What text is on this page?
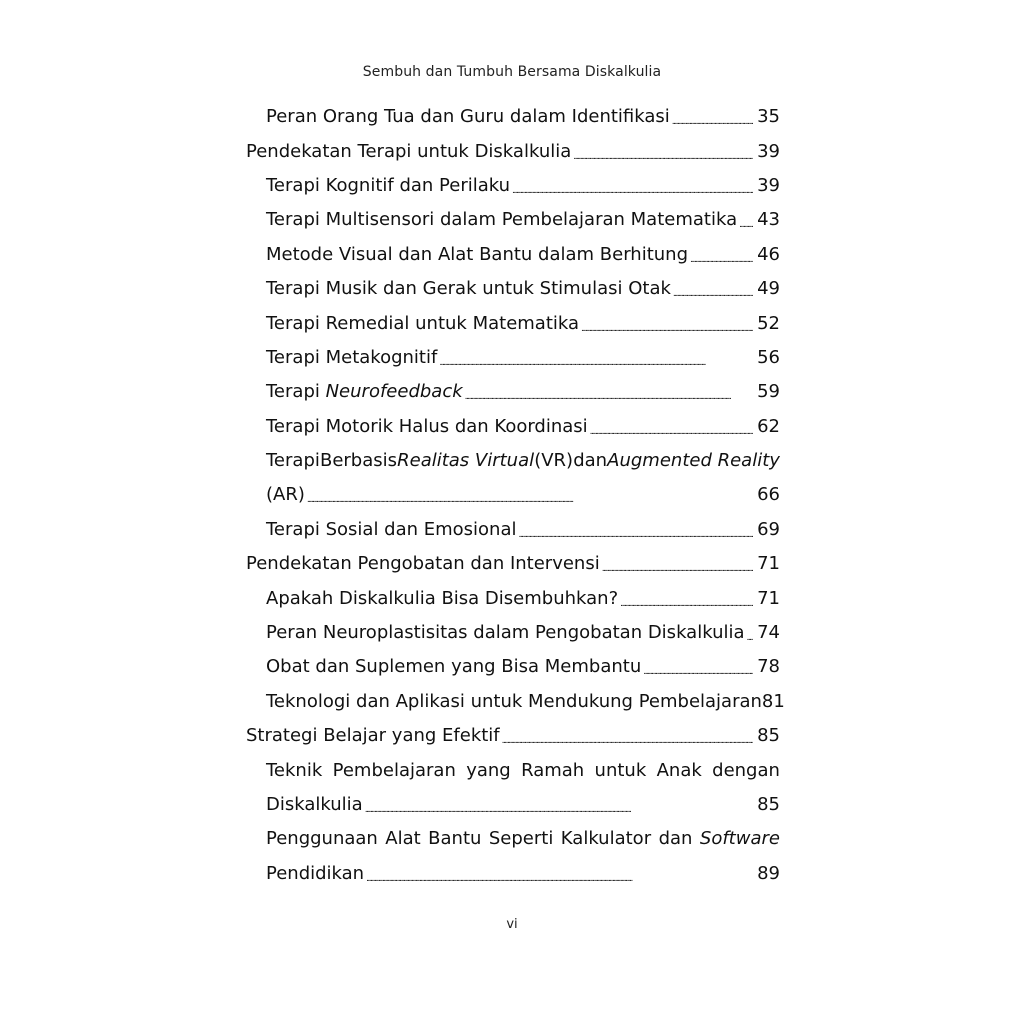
Sembuh dan Tumbuh Bersama Diskalkulia
Peran Orang Tua dan Guru dalam Identifikasi . . .	35
Pendekatan Terapi untuk Diskalkulia . . .	39
Terapi Kognitif dan Perilaku . . .	39
Terapi Multisensori dalam Pembelajaran Matematika . . . 43
Metode Visual dan Alat Bantu dalam Berhitung . . .	46
Terapi Musik dan Gerak untuk Stimulasi Otak . . .	49
Terapi Remedial untuk Matematika . . .	52
Terapi Metakognitif . . .	56
Terapi Neurofeedback . . .	59
Terapi Motorik Halus dan Koordinasi . . .	62
Terapi Berbasis Realitas Virtual (VR) dan Augmented Reality
(AR) . . .	66
Terapi Sosial dan Emosional . . .	69
Pendekatan Pengobatan dan Intervensi . . .	71
Apakah Diskalkulia Bisa Disembuhkan? . . .	71
Peran Neuroplastisitas dalam Pengobatan Diskalkulia . . . 74
Obat dan Suplemen yang Bisa Membantu . . .	78
Teknologi dan Aplikasi untuk Mendukung Pembelajaran 81
Strategi Belajar yang Efektif . . .	85
Teknik Pembelajaran yang Ramah untuk Anak dengan
Diskalkulia . . .	85
Penggunaan Alat Bantu Seperti Kalkulator dan Software
Pendidikan . . .	89
vi
